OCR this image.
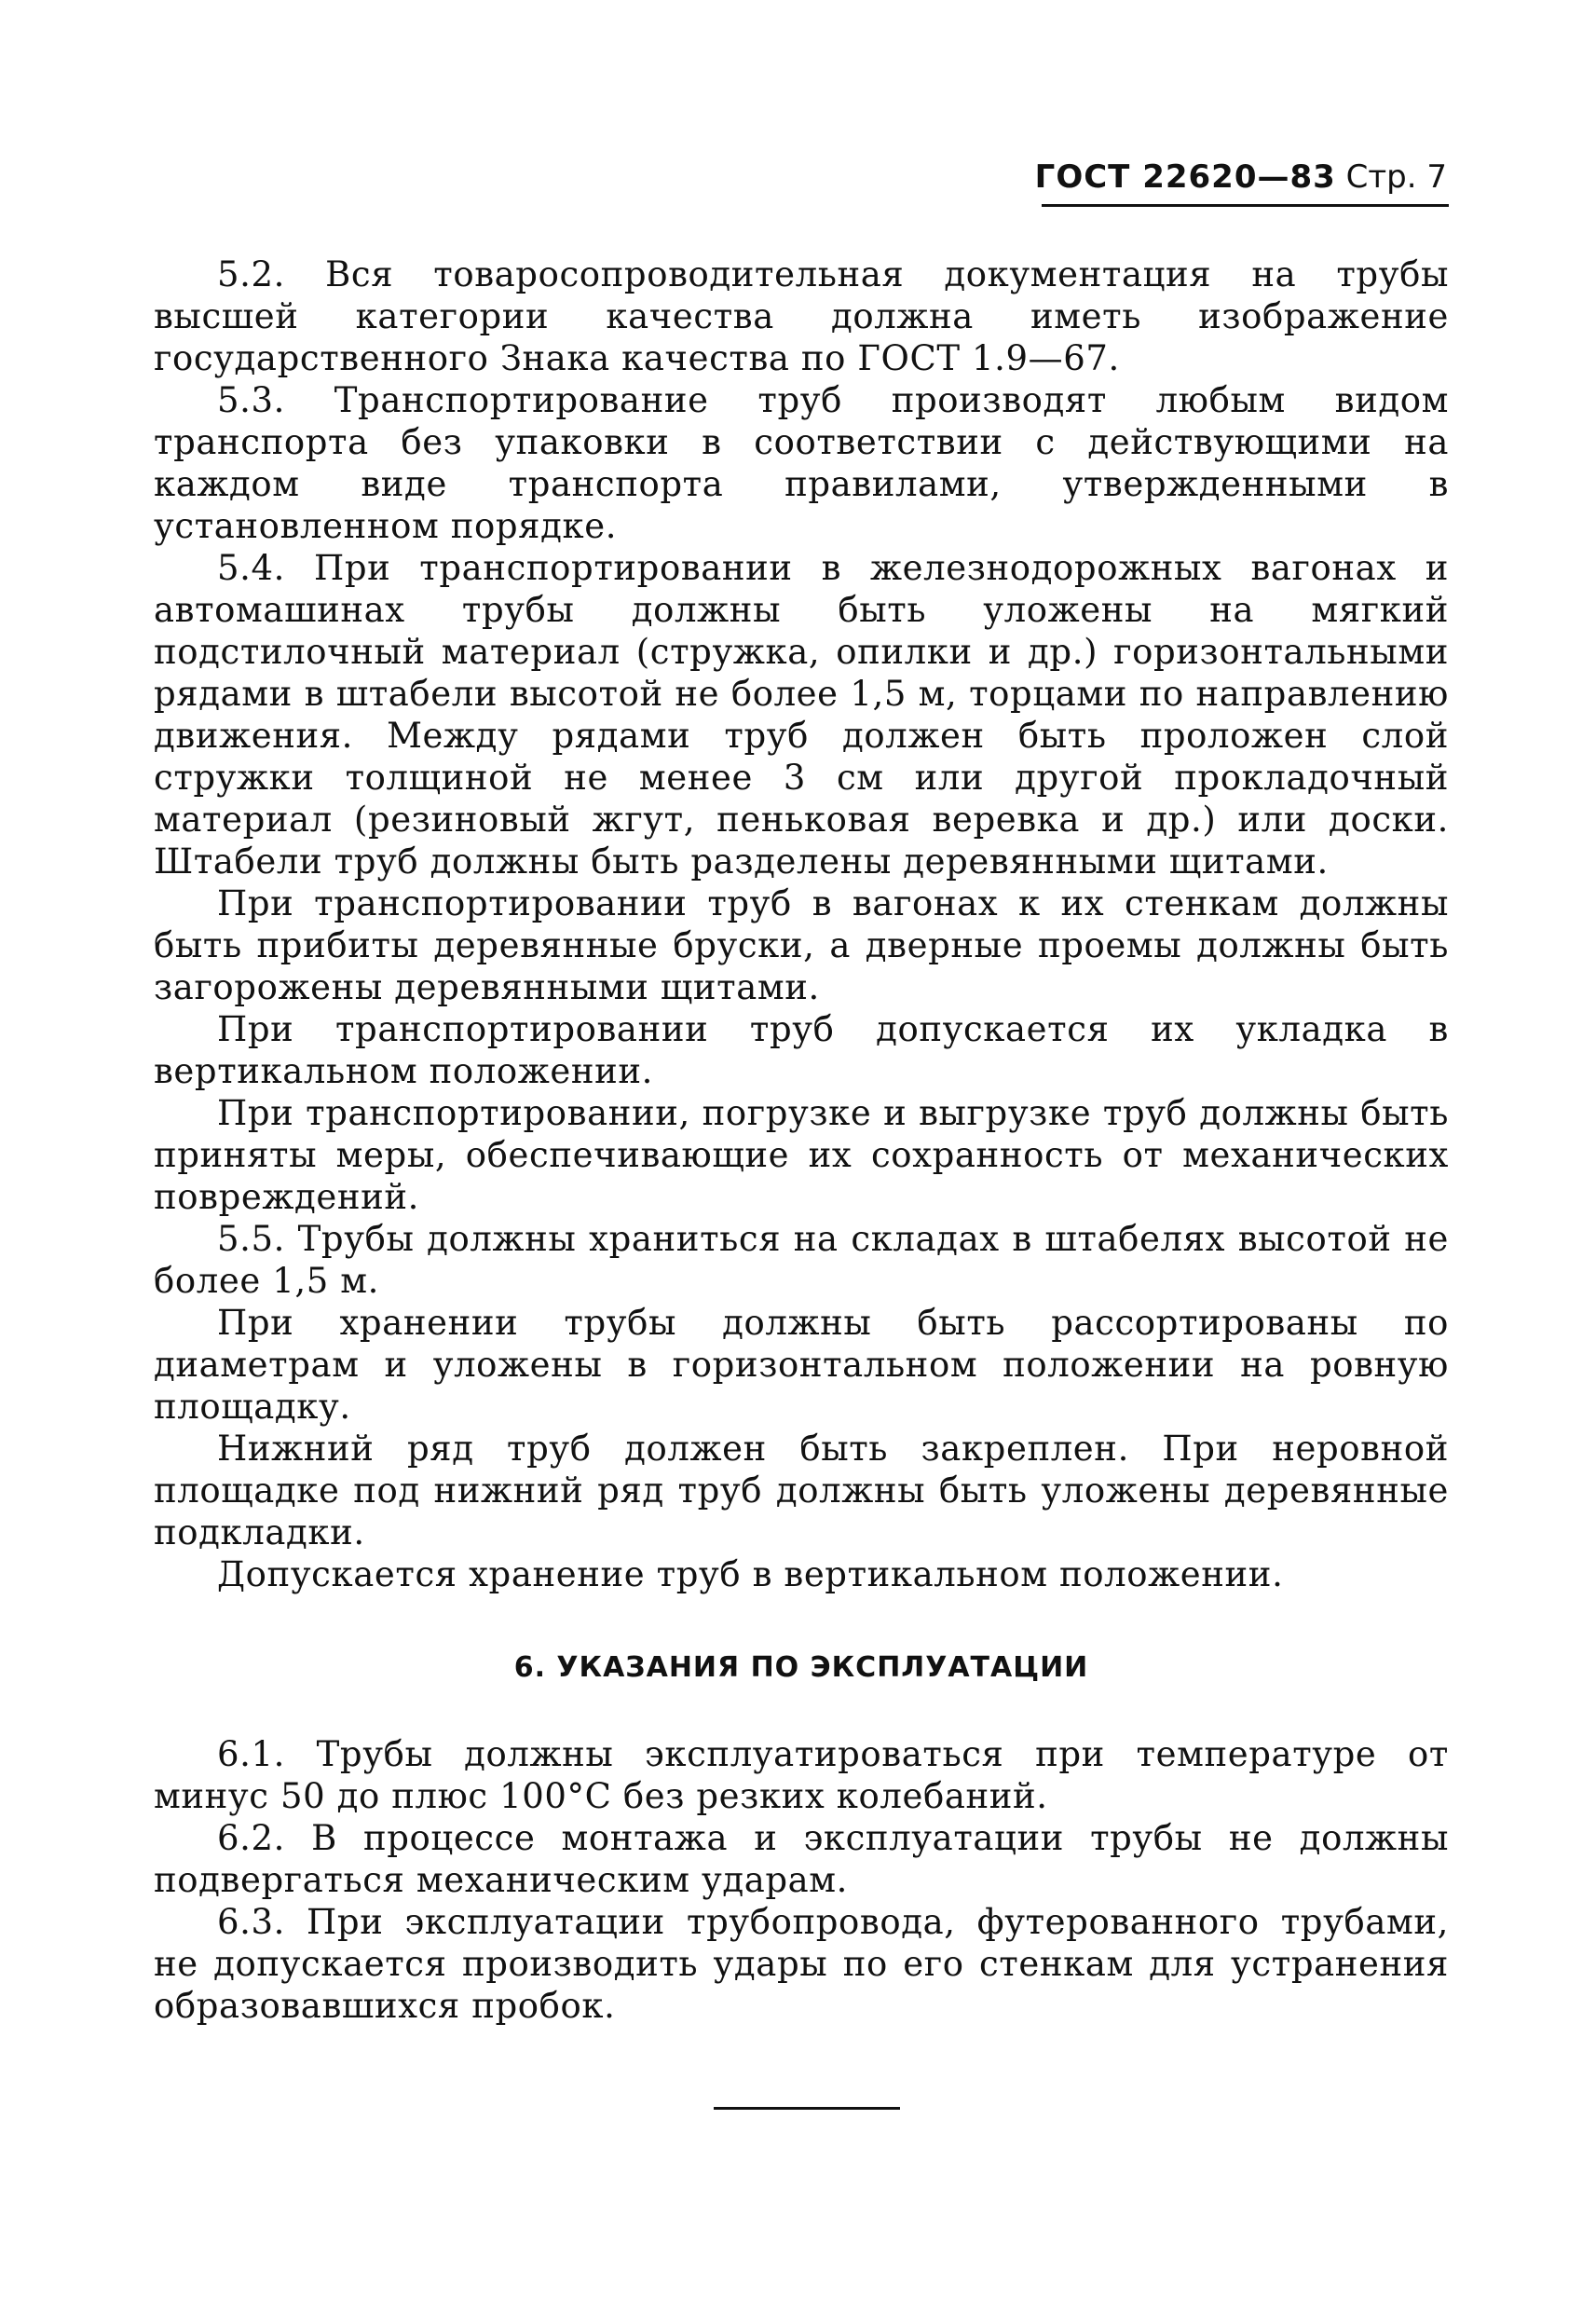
ГОСТ 22620—83 Стр. 7

5.2. Вся товаросопроводительная документация на трубы высшей категории качества должна иметь изображение государственного Знака качества по ГОСТ 1.9—67.

5.3. Транспортирование труб производят любым видом транспорта без упаковки в соответствии с действующими на каждом виде транспорта правилами, утвержденными в установленном порядке.

5.4. При транспортировании в железнодорожных вагонах и автомашинах трубы должны быть уложены на мягкий подстилочный материал (стружка, опилки и др.) горизонтальными рядами в штабели высотой не более 1,5 м, торцами по направлению движения. Между рядами труб должен быть проложен слой стружки толщиной не менее 3 см или другой прокладочный материал (резиновый жгут, пеньковая веревка и др.) или доски. Штабели труб должны быть разделены деревянными щитами.

При транспортировании труб в вагонах к их стенкам должны быть прибиты деревянные бруски, а дверные проемы должны быть загорожены деревянными щитами.

При транспортировании труб допускается их укладка в вертикальном положении.

При транспортировании, погрузке и выгрузке труб должны быть приняты меры, обеспечивающие их сохранность от механических повреждений.

5.5. Трубы должны храниться на складах в штабелях высотой не более 1,5 м.

При хранении трубы должны быть рассортированы по диаметрам и уложены в горизонтальном положении на ровную площадку.

Нижний ряд труб должен быть закреплен. При неровной площадке под нижний ряд труб должны быть уложены деревянные подкладки.

Допускается хранение труб в вертикальном положении.

6. УКАЗАНИЯ ПО ЭКСПЛУАТАЦИИ

6.1. Трубы должны эксплуатироваться при температуре от минус 50 до плюс 100°С без резких колебаний.

6.2. В процессе монтажа и эксплуатации трубы не должны подвергаться механическим ударам.

6.3. При эксплуатации трубопровода, футерованного трубами, не допускается производить удары по его стенкам для устранения образовавшихся пробок.
